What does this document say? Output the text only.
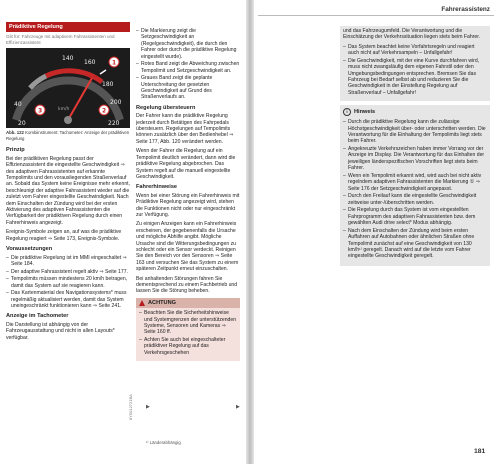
Prädiktive Regelung
Gilt für: Fahrzeuge mit adaptivem Fahrassistenten und Effizienzassistent
20
40
140
160
180
200
220
km/h
1
2
3
Abb. 122 Kombiinstrument: Tachometer: Anzeige der prädiktiven Regelung
Prinzip

Bei der prädiktiven Regelung passt der Effizienzassistent die eingestellte Geschwindigkeit ⇒ des adaptiven Fahrassistenten auf erkannte Tempolimits und den vorausliegenden Straßenverlauf an. Sobald das System keine Ereignisse mehr erkennt, beschleunigt der adaptive Fahrassistent wieder auf die zuletzt vom Fahrer eingestellte Geschwindigkeit. Nach dem Einschalten der Zündung wird bei der ersten Aktivierung des adaptiven Fahrassistenten die Verfügbarkeit der prädiktiven Regelung durch einen Fahrerhinweis angezeigt.

Ereignis-Symbole zeigen an, auf was die prädiktive Regelung reagiert ⇒ Seite 173, Ereignis-Symbole.

Voraussetzungen
– Die prädiktive Regelung ist im MMI eingeschaltet ⇒ Seite 184.
– Der adaptive Fahrassistent regelt aktiv ⇒ Seite 177.
– Tempolimits müssen mindestens 20 km/h betragen, damit das System auf sie reagieren kann.
– Das Kartenmaterial des Navigationssystems* muss regelmäßig aktualisiert werden, damit das System uneingeschränkt funktionieren kann ⇒ Seite 241.
Anzeige im Tachometer

Die Darstellung ist abhängig von der Fahrzeugausstattung und nicht in allen Layouts* verfügbar.

▶
– Die Markierung zeigt die Setzgeschwindigkeit an (Regelgeschwindigkeit), die durch den Fahrer oder durch die prädiktive Regelung eingestellt wurde).
– Rotes Band zeigt die Abweichung zwischen Tempolimit und Setzgeschwindigkeit an.
– Graues Band zeigt die geplante Unterschreitung der gesetzten Geschwindigkeit auf Grund des Straßenverlaufs an.
Regelung übersteuern

Der Fahrer kann die prädiktive Regelung jederzeit durch Betätigen des Fahrpedals übersteuern. Regelungen auf Tempolimits können zusätzlich über den Bedienhebel ⇒ Seite 177, Abb. 120 verändert werden.

Wenn der Fahrer die Regelung auf ein Tempolimit deutlich verändert, dann wird die prädiktive Regelung abgebrochen. Das System regelt auf die manuell eingestellte Geschwindigkeit.

Fahrerhinweise

Wenn bei einer Störung ein Fahrerhinweis mit Prädiktive Regelung angezeigt wird, stehen die Funktionen nicht oder nur eingeschränkt zur Verfügung.

Zu einigen Anzeigen kann ein Fahrerhinweis erscheinen, der gegebenenfalls die Ursache und mögliche Abhilfe angibt. Mögliche Ursache sind die Witterungsbedingungen zu schlecht oder ein Sensor verdeckt. Reinigen Sie den Bereich vor den Sensoren ⇒ Seite 163 und versuchen Sie das System zu einem späteren Zeitpunkt erneut einzuschalten.

Bei anhaltenden Störungen fahren Sie dementsprechend zu einem Fachbetrieb und lassen Sie die Störung beheben.

ACHTUNG
– Beachten Sie die Sicherheitshinweise und Systemgrenzen der unterstützenden Systeme, Sensoren und Kameras ⇒ Seite 160 ff.
– Achten Sie auch bei eingeschalteter prädiktiver Regelung auf das Verkehrsgeschehen
▶
8Y0012721BA
¹⁾ Länderabhängig
Fahrerassistenz

und das Fahrzeugumfeld. Die Verantwortung und die Einschätzung der Verkehrssituation liegen stets beim Fahrer.

– Das System beachtet keine Vorfahrtsregeln und reagiert auch nicht auf Verkehrsampeln – Unfallgefahr!
– Die Geschwindigkeit, mit der eine Kurve durchfahren wird, muss nicht zwangsläufig dem eigenen Fahrstil oder den Umgebungsbedingungen entsprechen. Bremsen Sie das Fahrzeug bei Bedarf selbst ab und reduzieren Sie die Geschwindigkeit in der Einstellung Regelung auf Straßenverlauf – Unfallgefahr!
i	Hinweis
– Durch die prädiktive Regelung kann die zulässige Höchstgeschwindigkeit über- oder unterschritten werden. Die Verantwortung für die Einhaltung der Tempolimits liegt stets beim Fahrer.
– Angekreuzte Verkehrszeichen haben immer Vorrang vor der Anzeige im Display. Die Verantwortung für das Einhalten der jeweiligen länderspezifischen Vorschriften liegt stets beim Fahrer.
– Wenn ein Tempolimit erkannt wird, wird auch bei nicht aktiv regelndem adaptiven Fahrassistenten die Markierung ① ⇒ Seite 176 der Setzgeschwindigkeit angepasst.
– Durch den Freilauf kann die eingestellte Geschwindigkeit zeitweise unter-/überschritten werden.
– Die Regelung durch das System ist vom eingestellten Fahrprogramm des adaptiven Fahrassistenten bzw. dem gewählten Audi drive select* Modus abhängig.
– Nach dem Einschalten der Zündung wird beim ersten Auffahren auf Autobahnen oder ähnlichen Straßen ohne Tempolimit zunächst auf eine Geschwindigkeit von 130 km/h¹⁾ geregelt. Danach wird auf die letzte vom Fahrer eingestellte Geschwindigkeit geregelt.
181
